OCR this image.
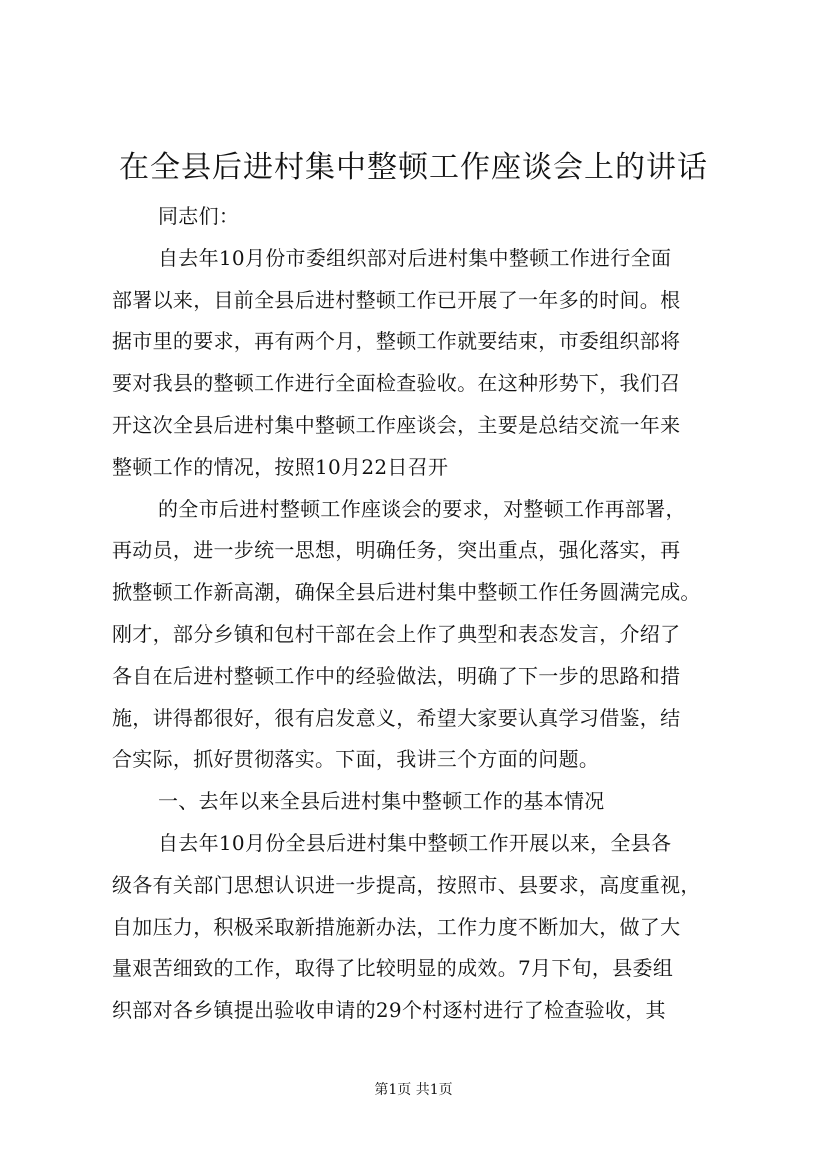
在全县后进村集中整顿工作座谈会上的讲话
同志们：
自去年10月份市委组织部对后进村集中整顿工作进行全面
部署以来，目前全县后进村整顿工作已开展了一年多的时间。根
据市里的要求，再有两个月，整顿工作就要结束，市委组织部将
要对我县的整顿工作进行全面检查验收。在这种形势下，我们召
开这次全县后进村集中整顿工作座谈会，主要是总结交流一年来
整顿工作的情况，按照10月22日召开
的全市后进村整顿工作座谈会的要求，对整顿工作再部署，
再动员，进一步统一思想，明确任务，突出重点，强化落实，再
掀整顿工作新高潮，确保全县后进村集中整顿工作任务圆满完成。
刚才，部分乡镇和包村干部在会上作了典型和表态发言，介绍了
各自在后进村整顿工作中的经验做法，明确了下一步的思路和措
施，讲得都很好，很有启发意义，希望大家要认真学习借鉴，结
合实际，抓好贯彻落实。下面，我讲三个方面的问题。
一、去年以来全县后进村集中整顿工作的基本情况
自去年10月份全县后进村集中整顿工作开展以来，全县各
级各有关部门思想认识进一步提高，按照市、县要求，高度重视，
自加压力，积极采取新措施新办法，工作力度不断加大，做了大
量艰苦细致的工作，取得了比较明显的成效。7月下旬，县委组
织部对各乡镇提出验收申请的29个村逐村进行了检查验收，其
第1页 共1页
